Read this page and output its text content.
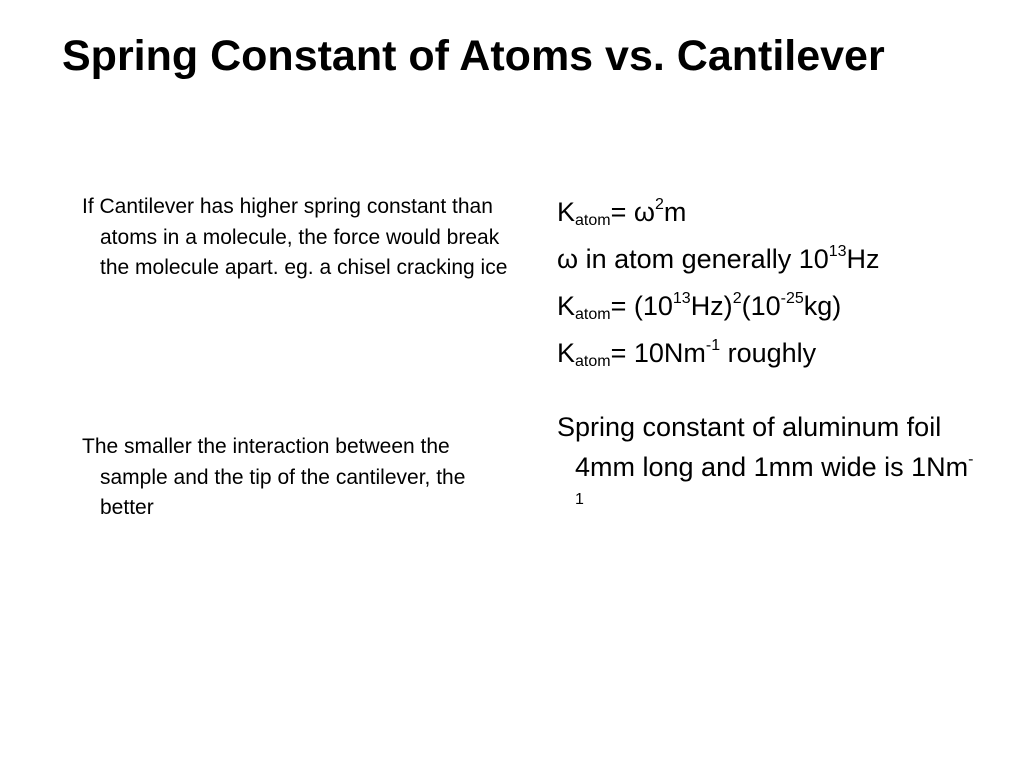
Spring Constant of Atoms vs. Cantilever

If Cantilever has higher spring constant than atoms in a molecule, the force would break the molecule apart. eg. a chisel cracking ice

The smaller the interaction between the sample and the tip of the cantilever, the better

$K_{atom}= \omega^2m$

ω in atom generally $10^{13}Hz$

$K_{atom}= (10^{13}Hz)^2(10^{-25}kg)$

$K_{atom}= 10Nm^{-1}$ roughly

Spring constant of aluminum foil 4mm long and 1mm wide is $1Nm^{-1}$
